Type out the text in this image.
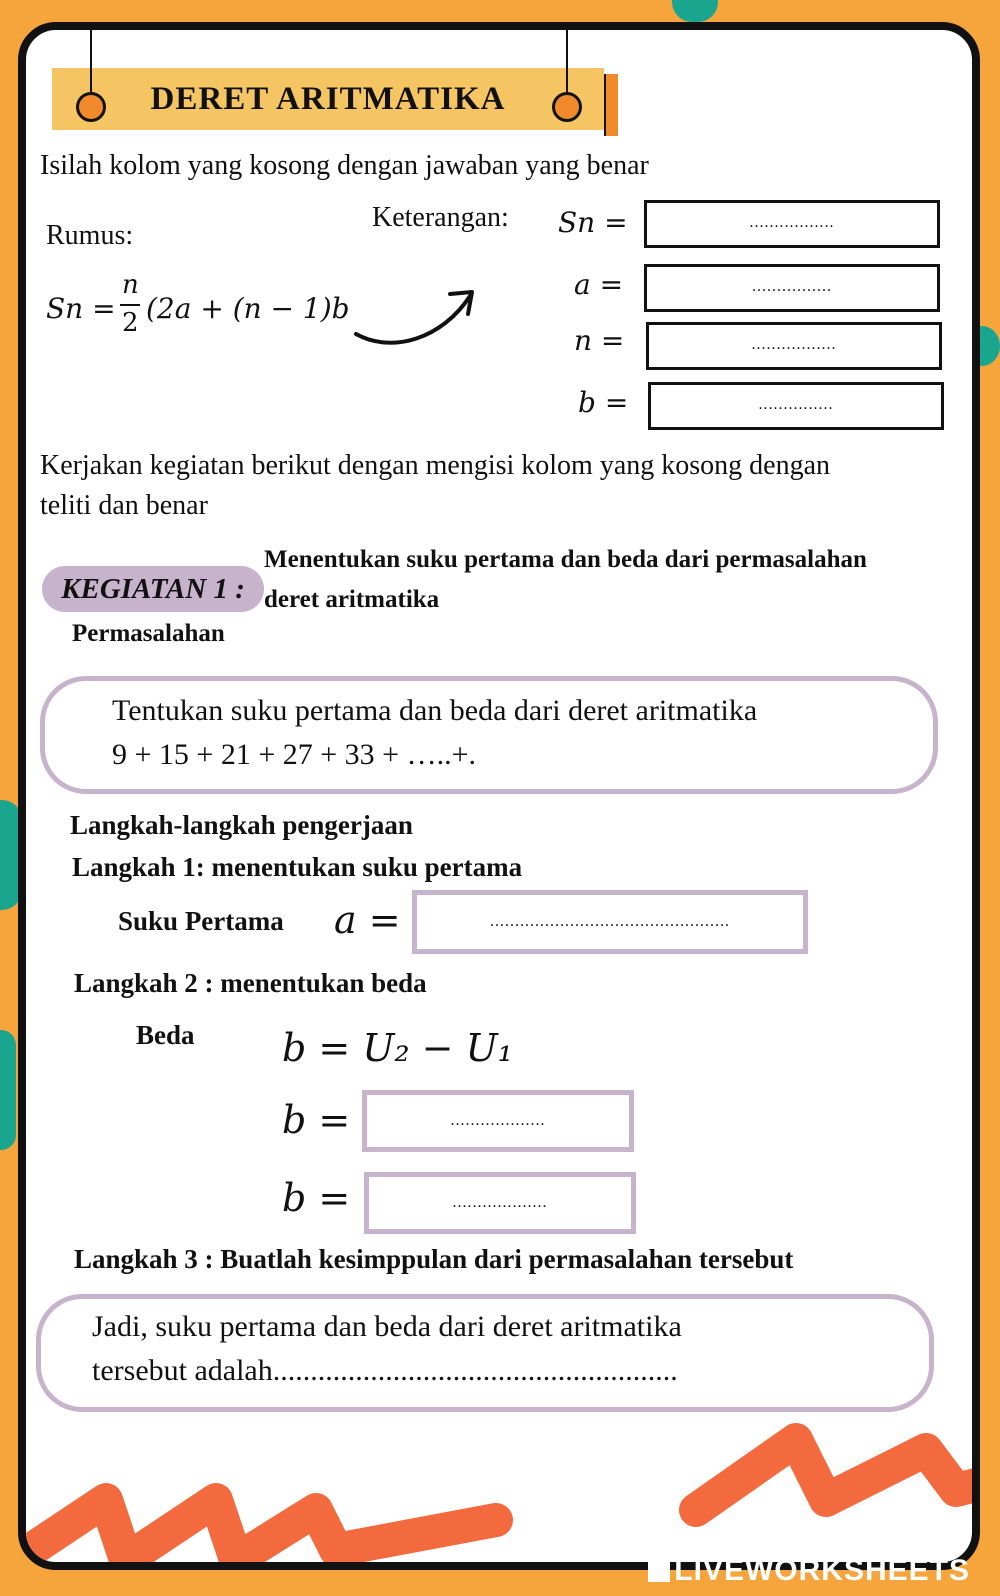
DERET ARITMATIKA
Isilah kolom yang kosong dengan jawaban yang benar
Rumus:
Sn =
n
2 (2a + (n − 1)b
Keterangan: Sn =	.................
a =	................
n =	.................
b =	...............
Kerjakan kegiatan berikut dengan mengisi kolom yang kosong dengan
teliti dan benar
KEGIATAN 1 :
Menentukan suku pertama dan beda dari permasalahan
deret aritmatika
Permasalahan
Tentukan suku pertama dan beda dari deret aritmatika
9 + 15 + 21 + 27 + 33 + …..+.
Langkah-langkah pengerjaan
Langkah 1: menentukan suku pertama
Suku Pertama a =	................................................
Langkah 2 : menentukan beda
Beda b = U₂ − U₁
b =	...................
b =	...................
Langkah 3 : Buatlah kesimppulan dari permasalahan tersebut
Jadi, suku pertama dan beda dari deret aritmatika
tersebut adalah......................................................
LIVEWORKSHEETS
